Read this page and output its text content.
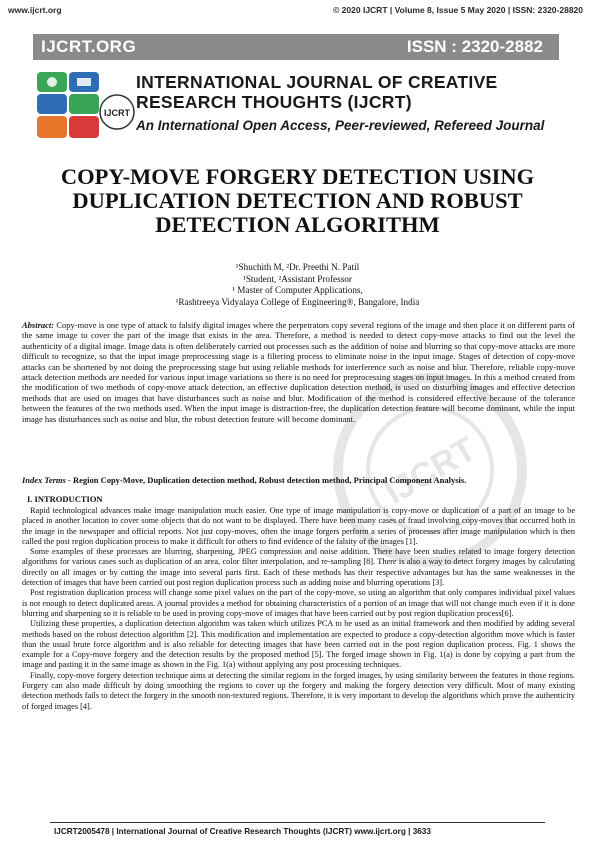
www.ijcrt.org	© 2020 IJCRT | Volume 8, Issue 5 May 2020 | ISSN: 2320-28820
IJCRT.ORG	ISSN : 2320-2882
IJCRT
INTERNATIONAL JOURNAL OF CREATIVE
RESEARCH THOUGHTS (IJCRT)
An International Open Access, Peer-reviewed, Refereed Journal
COPY-MOVE FORGERY DETECTION USING
DUPLICATION DETECTION AND ROBUST
DETECTION ALGORITHM
¹Shuchith M, ²Dr. Preethi N. Patil
¹Student, ²Assistant Professor
¹ Master of Computer Applications,
¹Rashtreeya Vidyalaya College of Engineering®, Bangalore, India
Abstract: Copy-move is one type of attack to falsify digital images where the perpetrators copy several regions of the image and then place it on different parts of the same image to cover the part of the image that exists in the area. Therefore, a method is needed to detect copy-move attacks to find out the level the authenticity of a digital image. Image data is often deliberately carried out processes such as the addition of noise and blurring so that copy-move attacks are more difficult to recognize, so that the input image preprocessing stage is a filtering process to eliminate noise in the input image. Stages of detection of copy-move attacks can be shortened by not doing the preprocessing stage but using reliable methods for interference such as noise and blur. Therefore, reliable copy-move attack detection methods are needed for various input image variations so there is no need for preprocessing stages on input images. In this a method created from the modification of two methods of copy-move attack detection, an effective duplication detection method, is used on disturbing images and effective detection methods that are used on images that have disturbances such as noise and blur. Modification of the method is considered effective because of the tolerance between the features of the two methods used. When the input image is distraction-free, the duplication detection feature will become dominant, while the input image has disturbances such as noise and blur, the robust detection feature will become dominant.
Index Terms - Region Copy-Move, Duplication detection method, Robust detection method, Principal Component Analysis.
I. INTRODUCTION

Rapid technological advances make image manipulation much easier. One type of image manipulation is copy-move or duplication of a part of an image to be placed in another location to cover some objects that do not want to be displayed. There have been many cases of fraud involving copy-moves that occurred both in the image in the newspaper and official reports. Not just copy-moves, often the image forgers perform a series of processes after image manipulation which is then called the post region duplication process to make it difficult for others to find evidence of the falsity of the images [1].

Some examples of these processes are blurring, sharpening, JPEG compression and noise addition. There have been studies related to image forgery detection algorithms for various cases such as duplication of an area, color filter interpolation, and re-sampling [8]. There is also a way to detect forgery images by calculating directly on all images or by cutting the image into several parts first. Each of these methods has their respective advantages but has the same weaknesses in the detection of images that have been carried out post region duplication process such as adding noise and blurring operations [3].

Post registration duplication process will change some pixel values on the part of the copy-move, so using an algorithm that only compares individual pixel values is not enough to detect duplicated areas. A journal provides a method for obtaining characteristics of a portion of an image that will not change much even if it is done blurring and sharpening so it is reliable to be used in proving copy-move of images that have been carried out by post region duplication process[6].

Utilizing these properties, a duplication detection algorithm was taken which utilizes PCA to be used as an initial framework and then modified by adding several methods based on the robust detection algorithm [2]. This modification and implementation are expected to produce a copy-detection algorithm move which is faster than the usual brute force algorithm and is also reliable for detecting images that have been carried out in the post region duplication process. Fig. 1 shows the example for a Copy-move forgery and the detection results by the proposed method [5]. The forged image shown in Fig. 1(a) is done by copying a part from the image and pasting it in the same image as shown in the Fig. 1(a) without applying any post processing techniques.

Finally, copy-move forgery detection technique aims at detecting the similar regions in the forged images, by using similarity between the features in those regions. Forgery can also made difficult by doing smoothing the regions to cover up the forgery and making the forgery detection very difficult. Most of many existing detection methods fails to detect the forgery in the smooth non-textured regions. Therefore, it is very important to develop the algorithms which prove the authenticity of forged images [4].

IJCRT
IJCRT2005478 | International Journal of Creative Research Thoughts (IJCRT) www.ijcrt.org | 3633
